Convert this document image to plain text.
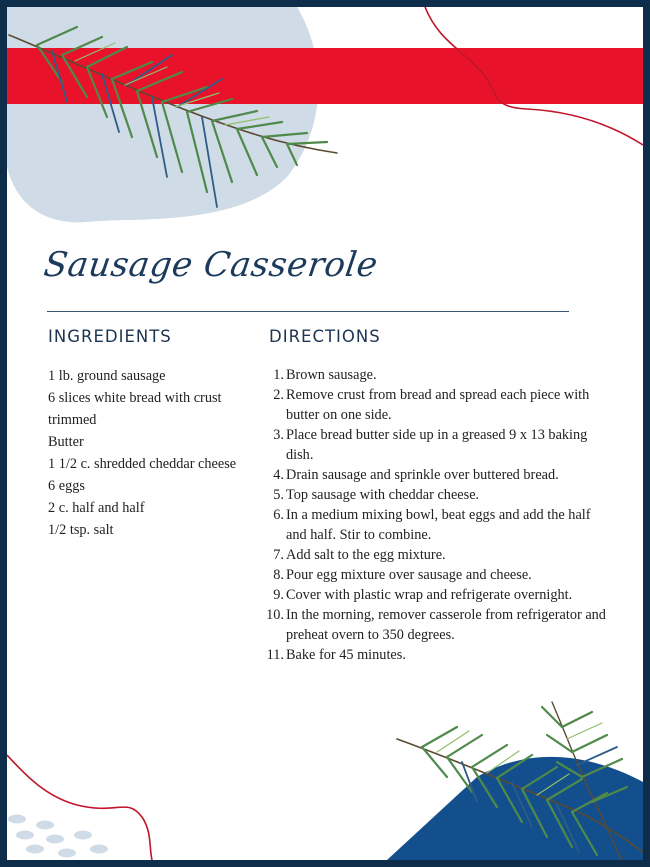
Sausage Casserole
INGREDIENTS	DIRECTIONS
1 lb. ground sausage
6 slices white bread with crust trimmed
Butter
1 1/2 c. shredded cheddar cheese
6 eggs
2 c. half and half
1/2 tsp. salt
1. Brown sausage.
2. Remove crust from bread and spread each piece with butter on one side.
3. Place bread butter side up in a greased 9 x 13 baking dish.
4. Drain sausage and sprinkle over buttered bread.
5. Top sausage with cheddar cheese.
6. In a medium mixing bowl, beat eggs and add the half and half. Stir to combine.
7. Add salt to the egg mixture.
8. Pour egg mixture over sausage and cheese.
9. Cover with plastic wrap and refrigerate overnight.
10. In the morning, remover casserole from refrigerator and preheat overn to 350 degrees.
11. Bake for 45 minutes.
